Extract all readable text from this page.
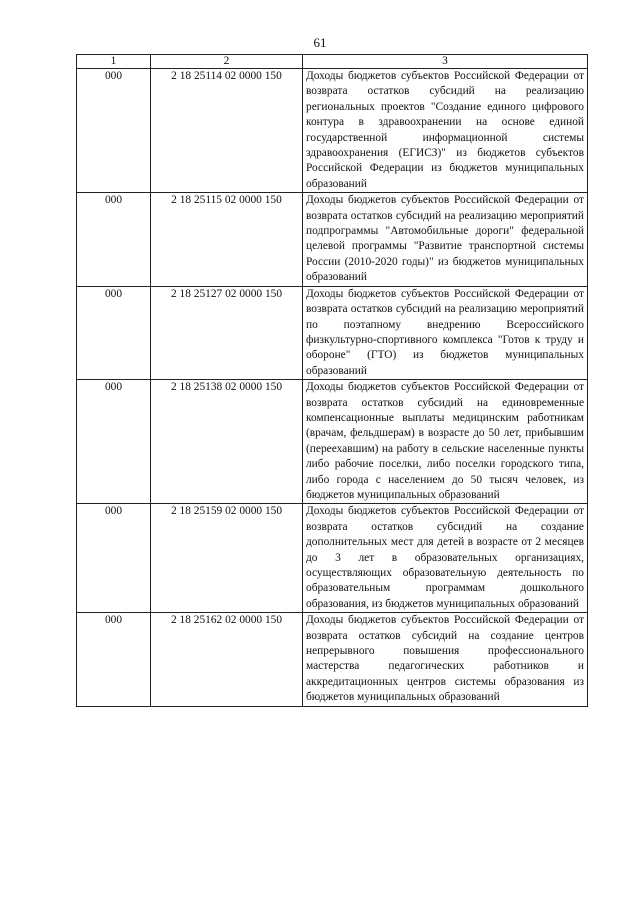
61
1	2	3
000	2 18 25114 02 0000 150	Доходы бюджетов субъектов Российской Федерации от возврата остатков субсидий на реализацию региональных проектов "Создание единого цифрового контура в здравоохранении на основе единой государственной информационной системы здравоохранения (ЕГИСЗ)" из бюджетов субъектов Российской Федерации из бюджетов муниципальных образований
000	2 18 25115 02 0000 150	Доходы бюджетов субъектов Российской Федерации от возврата остатков субсидий на реализацию мероприятий подпрограммы "Автомобильные дороги" федеральной целевой программы "Развитие транспортной системы России (2010-2020 годы)" из бюджетов муниципальных образований
000	2 18 25127 02 0000 150	Доходы бюджетов субъектов Российской Федерации от возврата остатков субсидий на реализацию мероприятий по поэтапному внедрению Всероссийского физкультурно-спортивного комплекса "Готов к труду и обороне" (ГТО) из бюджетов муниципальных образований
000	2 18 25138 02 0000 150	Доходы бюджетов субъектов Российской Федерации от возврата остатков субсидий на единовременные компенсационные выплаты медицинским работникам (врачам, фельдшерам) в возрасте до 50 лет, прибывшим (переехавшим) на работу в сельские населенные пункты либо рабочие поселки, либо поселки городского типа, либо города с населением до 50 тысяч человек, из бюджетов муниципальных образований
000	2 18 25159 02 0000 150	Доходы бюджетов субъектов Российской Федерации от возврата остатков субсидий на создание дополнительных мест для детей в возрасте от 2 месяцев до 3 лет в образовательных организациях, осуществляющих образовательную деятельность по образовательным программам дошкольного образования, из бюджетов муниципальных образований
000	2 18 25162 02 0000 150	Доходы бюджетов субъектов Российской Федерации от возврата остатков субсидий на создание центров непрерывного повышения профессионального мастерства педагогических работников и аккредитационных центров системы образования из бюджетов муниципальных образований
